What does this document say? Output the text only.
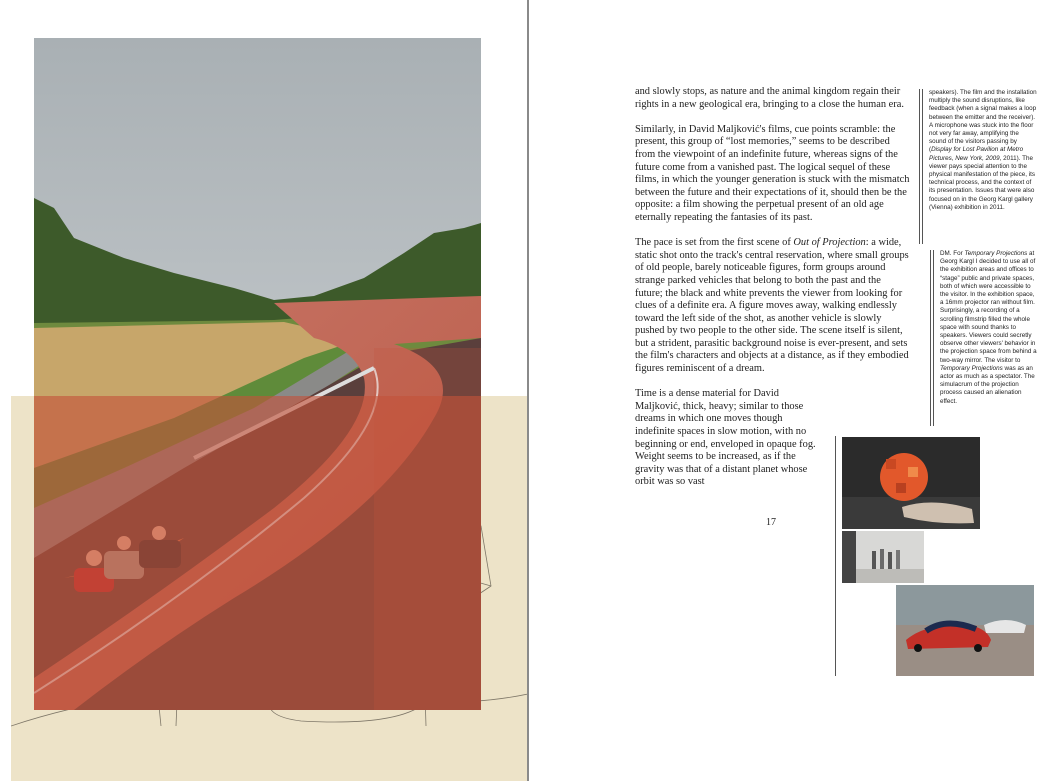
and slowly stops, as nature and the animal kingdom regain their rights in a new geological era, bringing to a close the human era.

Similarly, in David Maljković's films, cue points scramble: the present, this group of “lost memories,” seems to be described from the viewpoint of an indefinite future, whereas signs of the future come from a vanished past. The logical sequel of these films, in which the younger generation is stuck with the mismatch between the future and their expectations of it, should then be the opposite: a film showing the perpetual present of an old age eternally repeating the fantasies of its past.

The pace is set from the first scene of Out of Projection: a wide, static shot onto the track's central reservation, where small groups of old people, barely noticeable figures, form groups around strange parked vehicles that belong to both the past and the future; the black and white prevents the viewer from looking for clues of a definite era. A figure moves away, walking endlessly toward the left side of the shot, as another vehicle is slowly pushed by two people to the other side. The scene itself is silent, but a strident, parasitic background noise is ever-present, and sets the film's characters and objects at a distance, as if they embodied figures reminiscent of a dream.

Time is a dense material for David Maljković, thick, heavy; similar to those dreams in which one moves though indefinite spaces in slow motion, with no beginning or end, enveloped in opaque fog. Weight seems to be increased, as if the gravity was that of a distant planet whose orbit was so vast

17
speakers). The film and the installation multiply the sound disruptions, like feedback (when a signal makes a loop between the emitter and the receiver). A microphone was stuck into the floor not very far away, amplifying the sound of the visitors passing by (Display for Lost Pavilion at Metro Pictures, New York, 2009, 2011). The viewer pays special attention to the physical manifestation of the piece, its technical process, and the context of its presentation. Issues that were also focused on in the Georg Kargl gallery (Vienna) exhibition in 2011.
DM. For Temporary Projections at Georg Kargl I decided to use all of the exhibition areas and offices to “stage” public and private spaces, both of which were accessible to the visitor. In the exhibition space, a 16mm projector ran without film. Surprisingly, a recording of a scrolling filmstrip filled the whole space with sound thanks to speakers. Viewers could secretly observe other viewers' behavior in the projection space from behind a two-way mirror. The visitor to Temporary Projections was as an actor as much as a spectator. The simulacrum of the projection process caused an alienation effect.
